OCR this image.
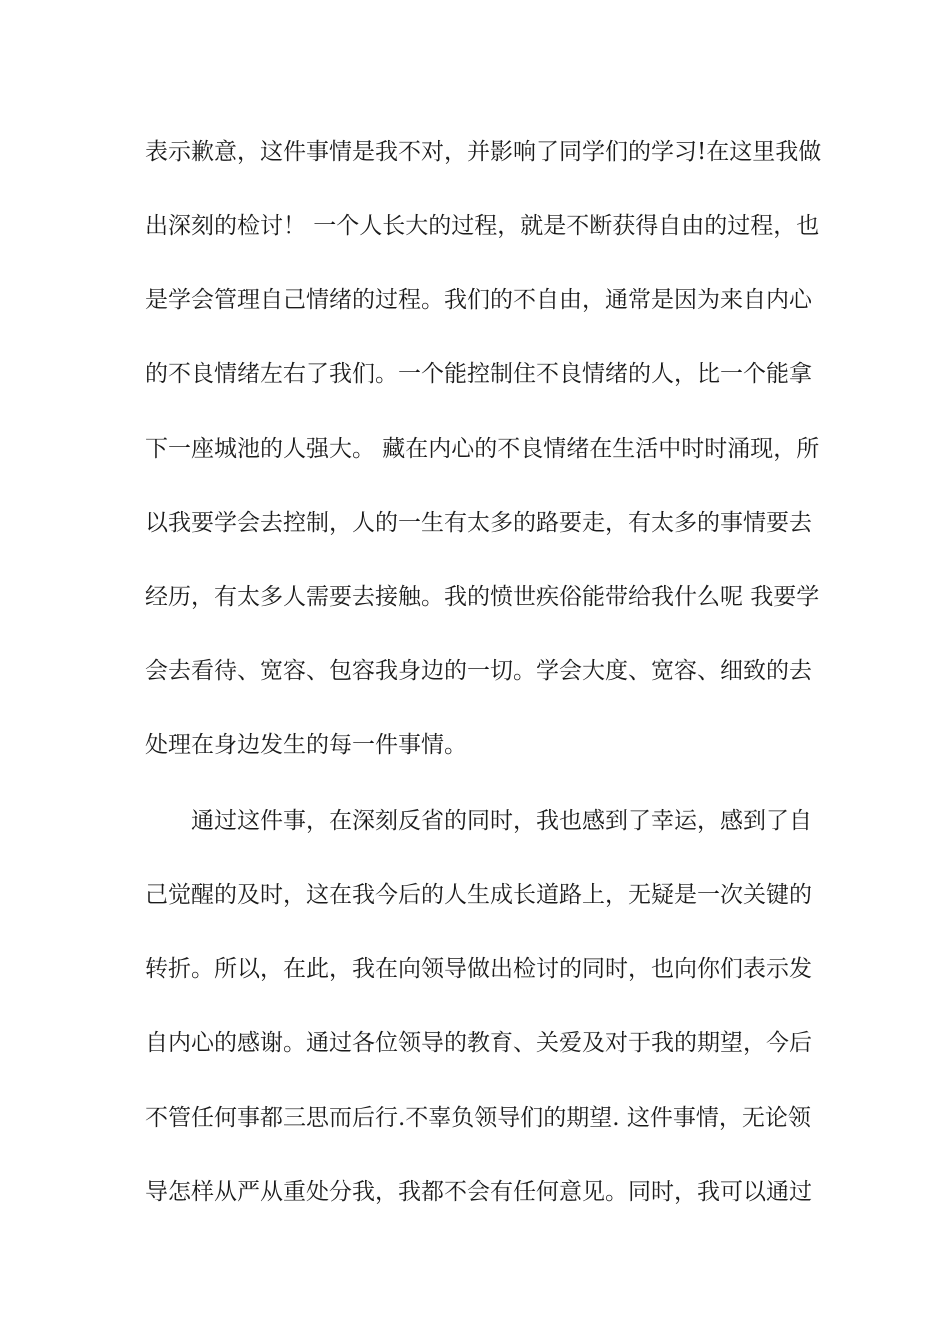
表示歉意，这件事情是我不对，并影响了同学们的学习!在这里我做
出深刻的检讨！ 一个人长大的过程，就是不断获得自由的过程，也
是学会管理自己情绪的过程。我们的不自由，通常是因为来自内心
的不良情绪左右了我们。一个能控制住不良情绪的人，比一个能拿
下一座城池的人强大。 藏在内心的不良情绪在生活中时时涌现，所
以我要学会去控制，人的一生有太多的路要走，有太多的事情要去
经历，有太多人需要去接触。我的愤世疾俗能带给我什么呢 我要学
会去看待、宽容、包容我身边的一切。学会大度、宽容、细致的去
处理在身边发生的每一件事情。
通过这件事，在深刻反省的同时，我也感到了幸运，感到了自
己觉醒的及时，这在我今后的人生成长道路上，无疑是一次关键的
转折。所以，在此，我在向领导做出检讨的同时，也向你们表示发
自内心的感谢。通过各位领导的教育、关爱及对于我的期望，今后
不管任何事都三思而后行.不辜负领导们的期望. 这件事情，无论领
导怎样从严从重处分我，我都不会有任何意见。同时，我可以通过
